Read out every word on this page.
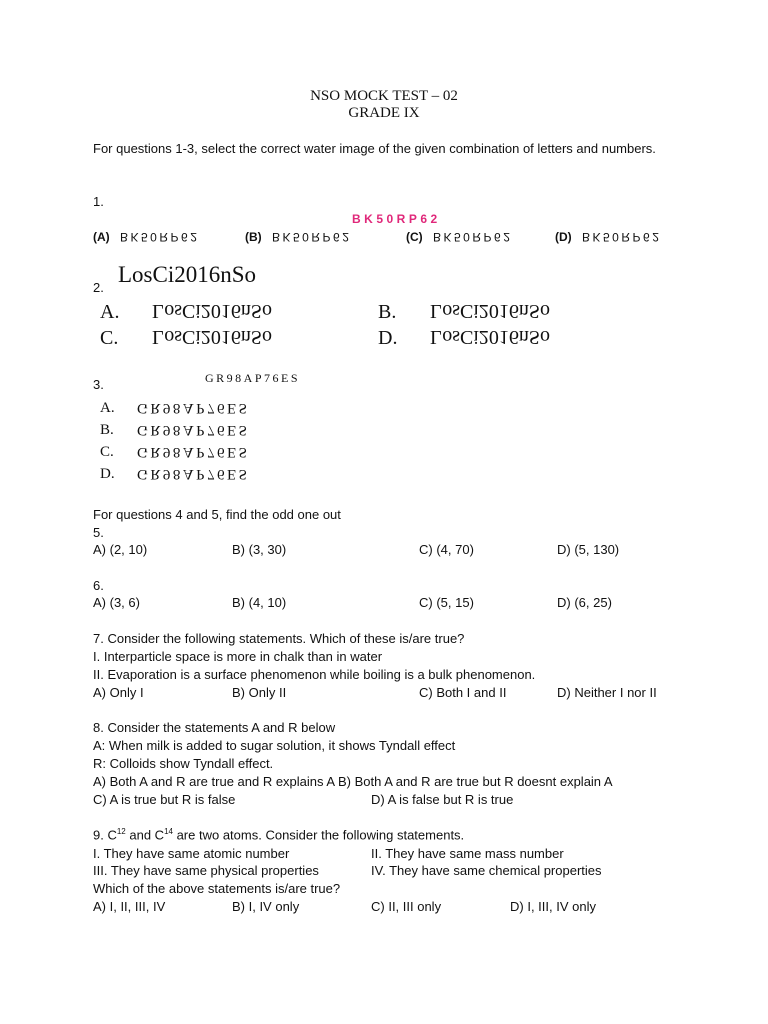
NSO MOCK TEST – 02
GRADE IX
For questions 1-3, select the correct water image of the given combination of letters and numbers.
1.
BK50RP62
(A) BK50RP62	(B) BK50RP62	(C) BK50RP62	(D) BK50RP62
LosCi2016nSo
2.
A. LosCi2016nSo	B. LosCi2016nSo
C. LosCi2016nSo	D. LosCi2016nSo
3.	GR98AP76ES
A. GR98AP76ES
B. GR98AP76ES
C. GR98AP76ES
D. GR98AP76ES
For questions 4 and 5, find the odd one out
5.
A) (2, 10)	B) (3, 30)	C) (4, 70)	D) (5, 130)
6.
A) (3, 6)	B) (4, 10)	C) (5, 15)	D) (6, 25)
7. Consider the following statements. Which of these is/are true?
I. Interparticle space is more in chalk than in water
II. Evaporation is a surface phenomenon while boiling is a bulk phenomenon.
A) Only I	B) Only II	C) Both I and II	D) Neither I nor II
8. Consider the statements A and R below
A: When milk is added to sugar solution, it shows Tyndall effect
R: Colloids show Tyndall effect.
A) Both A and R are true and R explains A B) Both A and R are true but R doesnt explain A
C) A is true but R is false	D) A is false but R is true
9. $C^{12}$ and $C^{14}$ are two atoms. Consider the following statements.
I. They have same atomic number	II. They have same mass number
III. They have same physical properties	IV. They have same chemical properties
Which of the above statements is/are true?
A) I, II, III, IV	B) I, IV only	C) II, III only	D) I, III, IV only
